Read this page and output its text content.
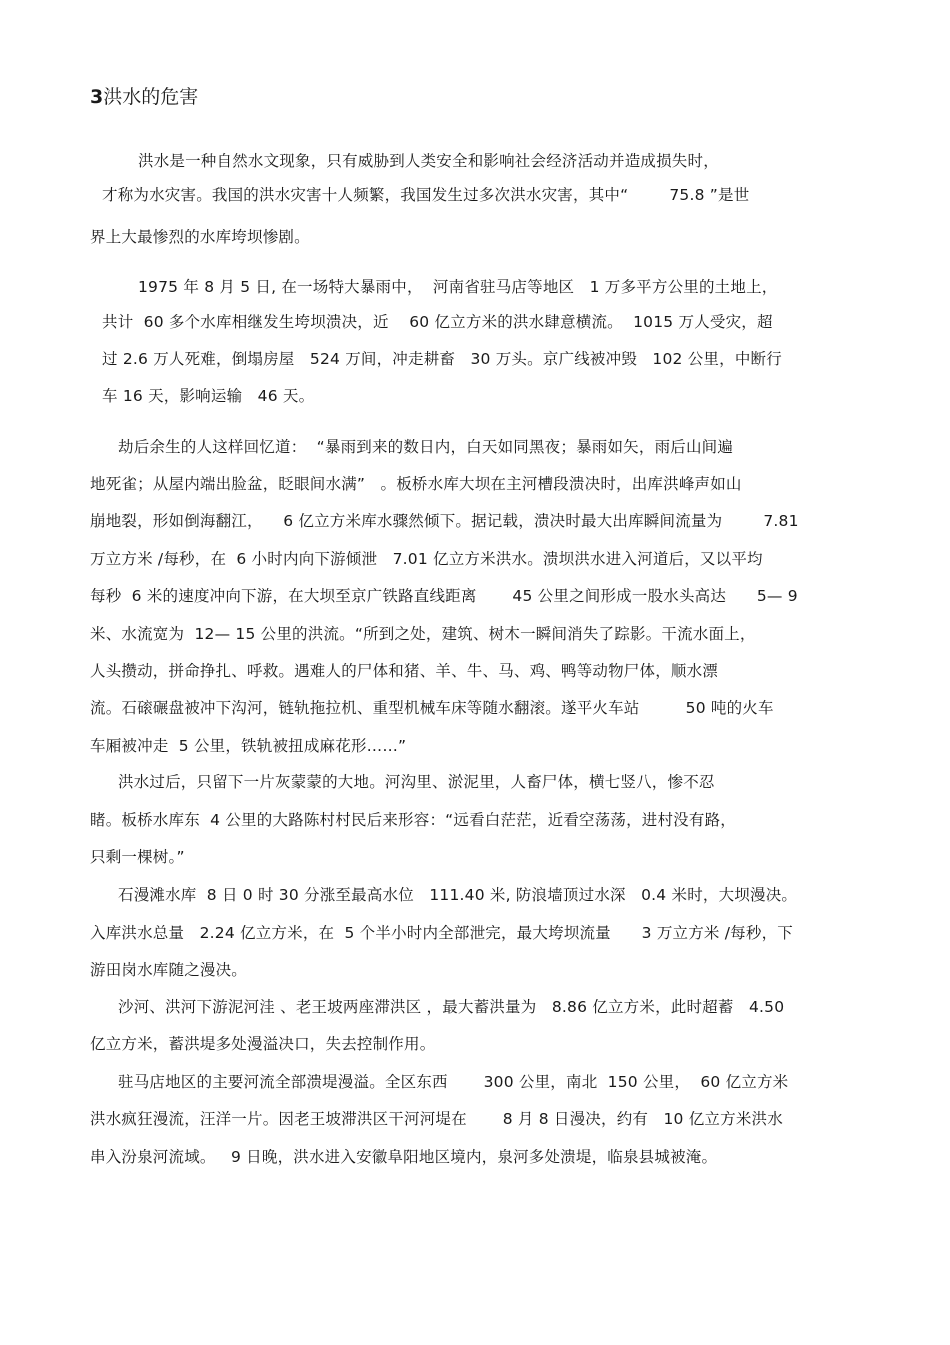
3洪水的危害
洪水是一种自然水文现象，只有威胁到人类安全和影响社会经济活动并造成损失时，
才称为水灾害。我国的洪水灾害十人频繁，我国发生过多次洪水灾害，其中“        75.8 ”是世
界上大最惨烈的水库垮坝惨剧。
1975 年 8 月 5 日, 在一场特大暴雨中，  河南省驻马店等地区   1 万多平方公里的土地上，
共计  60 多个水库相继发生垮坝溃决，近    60 亿立方米的洪水肆意横流。  1015 万人受灾，超
过 2.6 万人死难，倒塌房屋   524 万间，冲走耕畜   30 万头。京广线被冲毁   102 公里，中断行
车 16 天，影响运输   46 天。
劫后余生的人这样回忆道：  “暴雨到来的数日内，白天如同黑夜；暴雨如矢，雨后山间遍
地死雀；从屋内端出脸盆，眨眼间水满”   。板桥水库大坝在主河槽段溃决时，出库洪峰声如山
崩地裂，形如倒海翻江，    6 亿立方米库水骤然倾下。据记载，溃决时最大出库瞬间流量为        7.81
万立方米 /每秒，在  6 小时内向下游倾泄   7.01 亿立方米洪水。溃坝洪水进入河道后，又以平均
每秒  6 米的速度冲向下游，在大坝至京广铁路直线距离       45 公里之间形成一股水头高达      5— 9
米、水流宽为  12— 15 公里的洪流。“所到之处，建筑、树木一瞬间消失了踪影。干流水面上，
人头攒动，拼命挣扎、呼救。遇难人的尸体和猪、羊、牛、马、鸡、鸭等动物尸体，顺水漂
流。石磙碾盘被冲下沟河，链轨拖拉机、重型机械车床等随水翻滚。遂平火车站         50 吨的火车
车厢被冲走  5 公里，铁轨被扭成麻花形……”
洪水过后，只留下一片灰蒙蒙的大地。河沟里、淤泥里，人畜尸体，横七竖八，惨不忍
睹。板桥水库东  4 公里的大路陈村村民后来形容：“远看白茫茫，近看空荡荡，进村没有路，
只剩一棵树。”
石漫滩水库  8 日 0 时 30 分涨至最高水位   111.40 米, 防浪墙顶过水深   0.4 米时，大坝漫决。
入库洪水总量   2.24 亿立方米，在  5 个半小时内全部泄完，最大垮坝流量      3 万立方米 /每秒，下
游田岗水库随之漫决。
沙河、洪河下游泥河洼 、老王坡两座滞洪区 ，最大蓄洪量为   8.86 亿立方米，此时超蓄   4.50
亿立方米，蓄洪堤多处漫溢决口，失去控制作用。
驻马店地区的主要河流全部溃堤漫溢。全区东西       300 公里，南北  150 公里，  60 亿立方米
洪水疯狂漫流，汪洋一片。因老王坡滞洪区干河河堤在       8 月 8 日漫决，约有   10 亿立方米洪水
串入汾泉河流域。   9 日晚，洪水进入安徽阜阳地区境内，泉河多处溃堤，临泉县城被淹。
